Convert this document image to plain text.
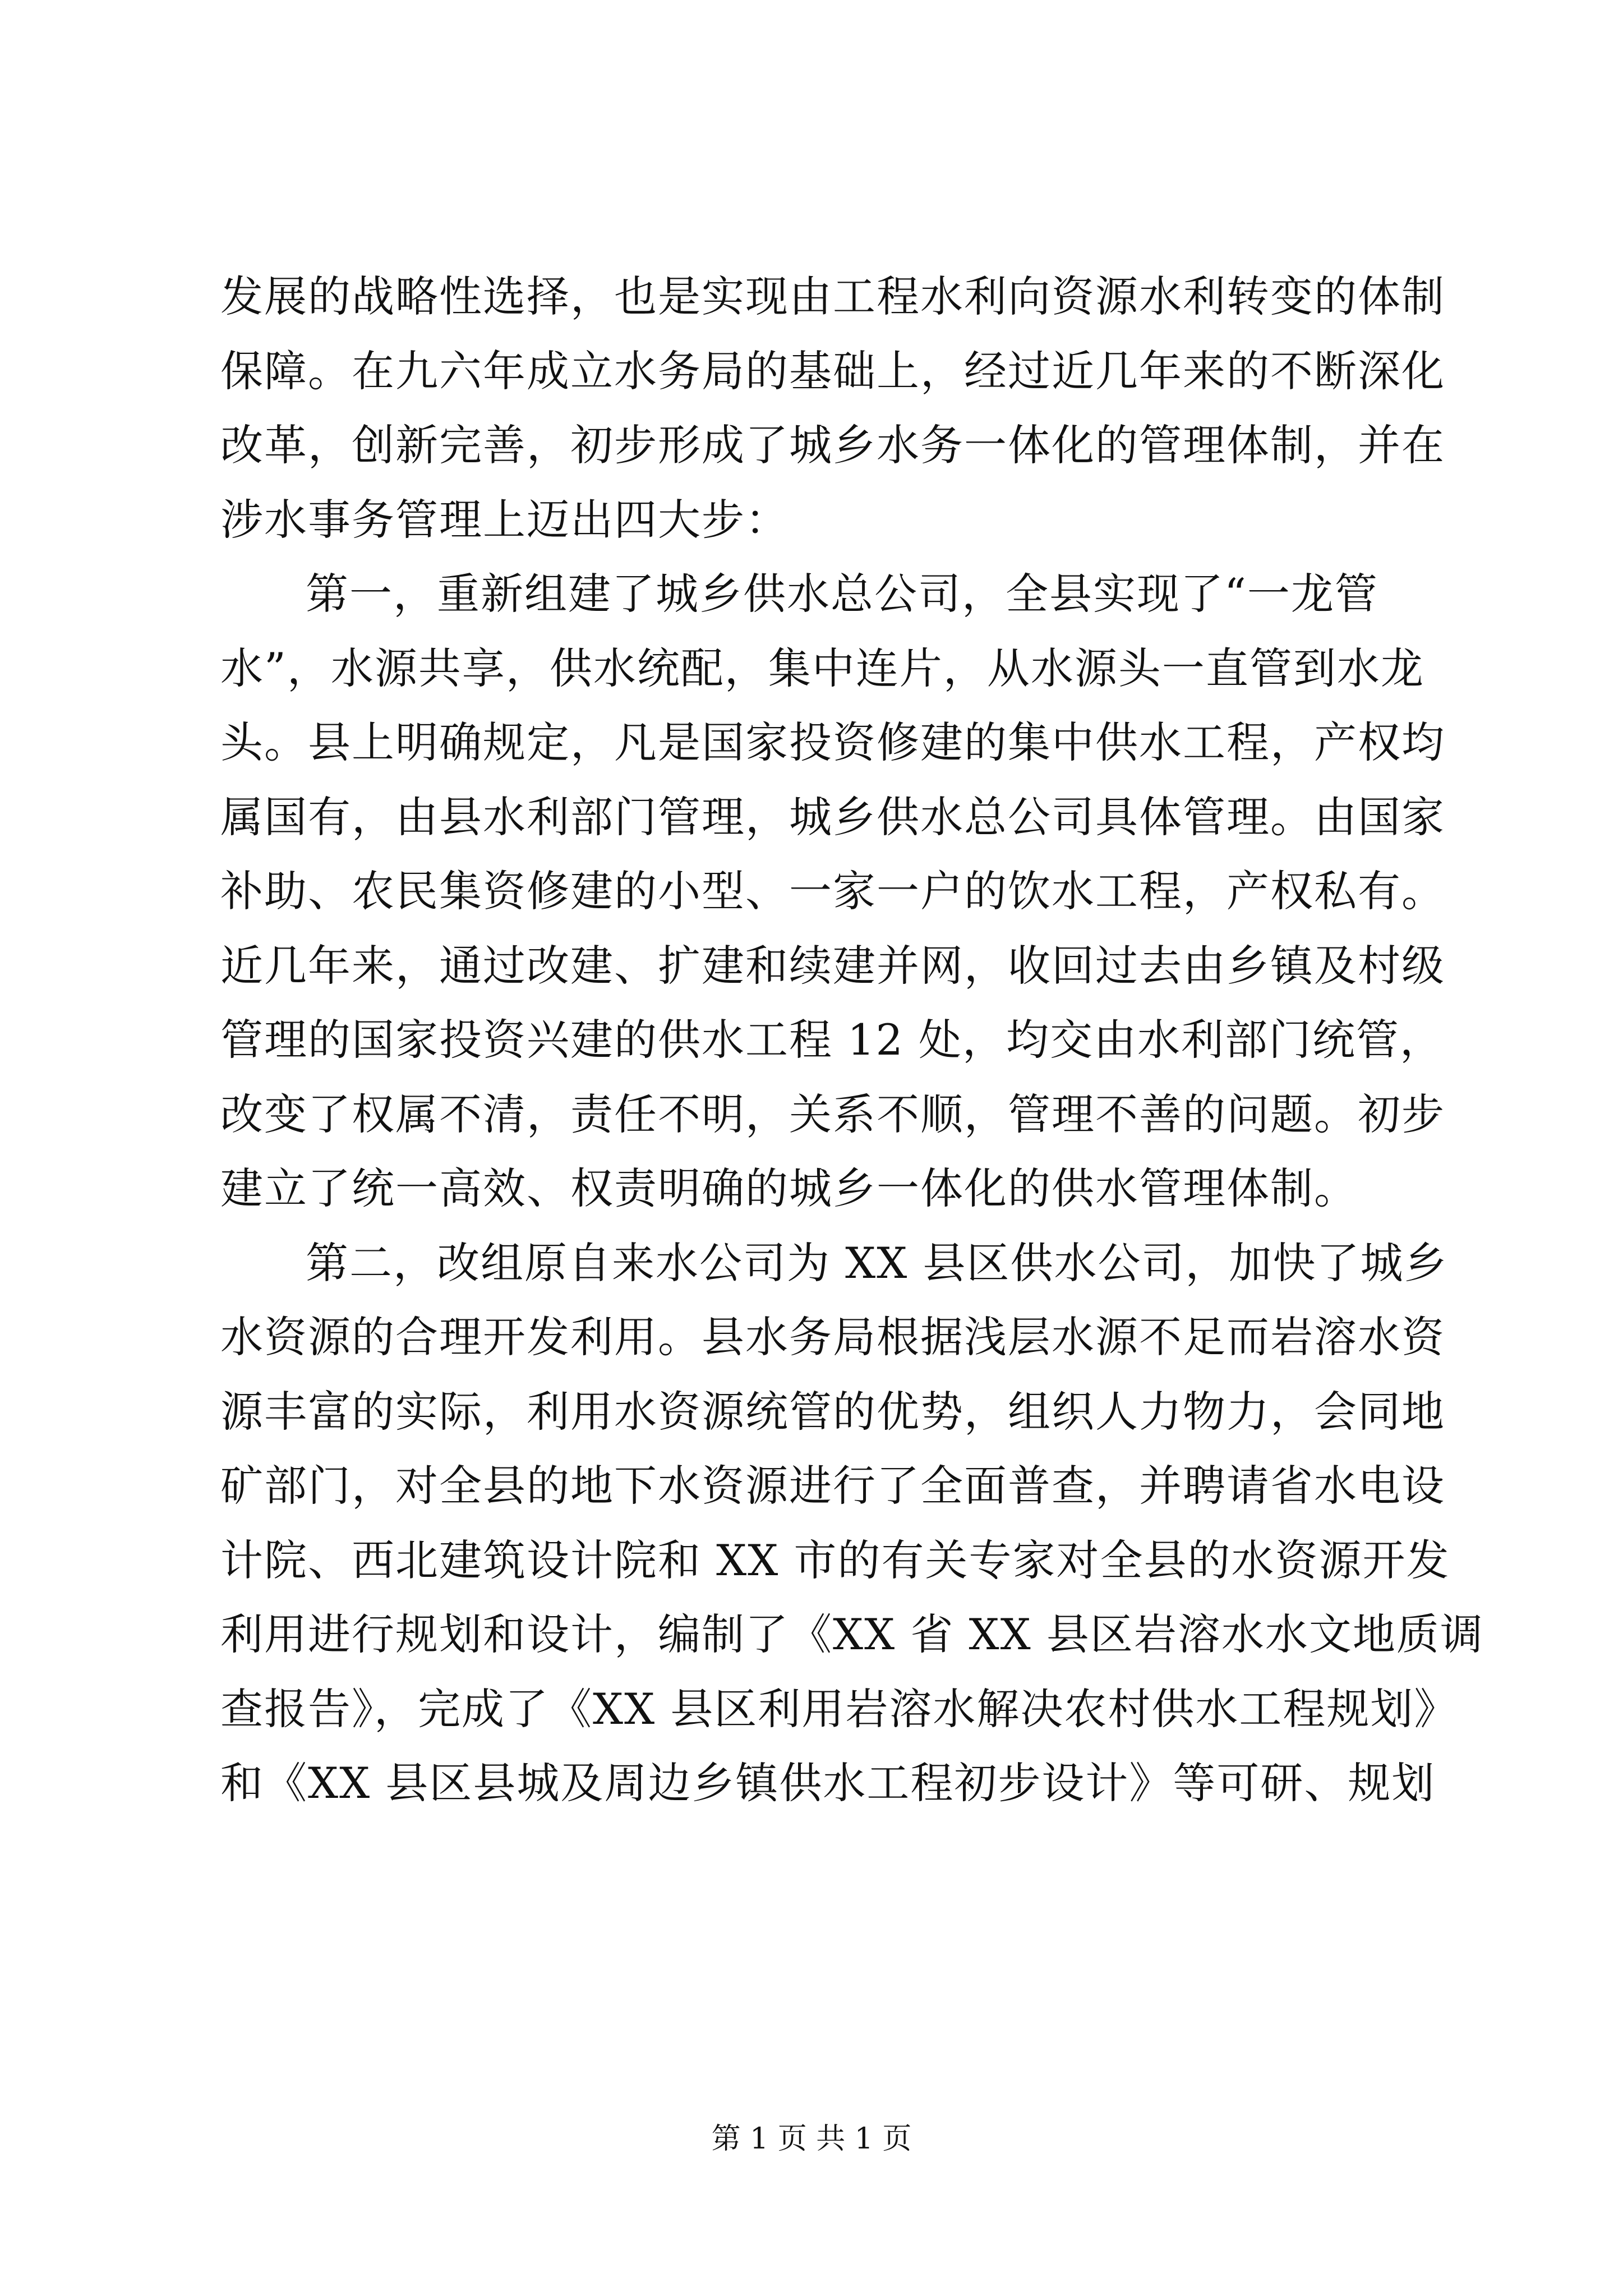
发展的战略性选择，也是实现由工程水利向资源水利转变的体制
保障。在九六年成立水务局的基础上，经过近几年来的不断深化
改革，创新完善，初步形成了城乡水务一体化的管理体制，并在
涉水事务管理上迈出四大步：
第一，重新组建了城乡供水总公司，全县实现了“一龙管
水”，水源共享，供水统配，集中连片，从水源头一直管到水龙
头。县上明确规定，凡是国家投资修建的集中供水工程，产权均
属国有，由县水利部门管理，城乡供水总公司具体管理。由国家
补助、农民集资修建的小型、一家一户的饮水工程，产权私有。
近几年来，通过改建、扩建和续建并网，收回过去由乡镇及村级
管理的国家投资兴建的供水工程 12 处，均交由水利部门统管，
改变了权属不清，责任不明，关系不顺，管理不善的问题。初步
建立了统一高效、权责明确的城乡一体化的供水管理体制。
第二，改组原自来水公司为 XX 县区供水公司，加快了城乡
水资源的合理开发利用。县水务局根据浅层水源不足而岩溶水资
源丰富的实际，利用水资源统管的优势，组织人力物力，会同地
矿部门，对全县的地下水资源进行了全面普查，并聘请省水电设
计院、西北建筑设计院和 XX 市的有关专家对全县的水资源开发
利用进行规划和设计，编制了《XX 省 XX 县区岩溶水水文地质调
查报告》，完成了《XX 县区利用岩溶水解决农村供水工程规划》
和《XX 县区县城及周边乡镇供水工程初步设计》等可研、规划
第 1 页 共 1 页
